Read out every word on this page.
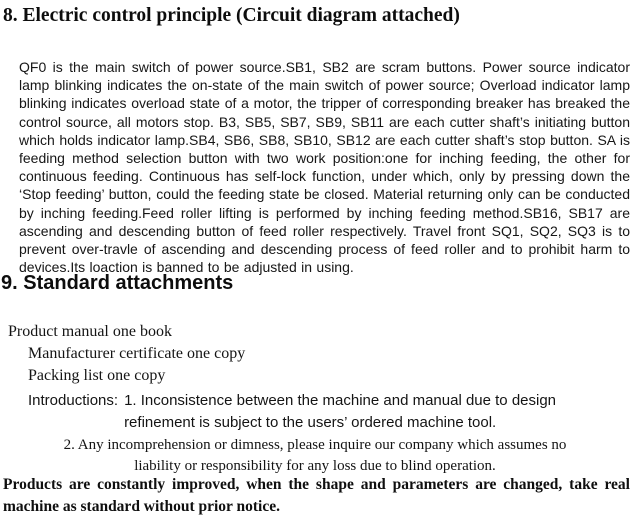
8. Electric control principle (Circuit diagram attached)

QF0 is the main switch of power source.SB1, SB2 are scram buttons. Power source indicator lamp blinking indicates the on-state of the main switch of power source; Overload indicator lamp blinking indicates overload state of a motor, the tripper of corresponding breaker has breaked the control source, all motors stop. B3, SB5, SB7, SB9, SB11 are each cutter shaft’s initiating button which holds indicator lamp.SB4, SB6, SB8, SB10, SB12 are each cutter shaft’s stop button. SA is feeding method selection button with two work position:one for inching feeding, the other for continuous feeding. Continuous has self-lock function, under which, only by pressing down the ‘Stop feeding’ button, could the feeding state be closed. Material returning only can be conducted by inching feeding.Feed roller lifting is performed by inching feeding method.SB16, SB17 are ascending and descending button of feed roller respectively. Travel front SQ1, SQ2, SQ3 is to prevent over-travle of ascending and descending process of feed roller and to prohibit harm to devices.Its loaction is banned to be adjusted in using.

9. Standard attachments
Product manual one book
Manufacturer certificate one copy
Packing list one copy
Introductions: 1. Inconsistence between the machine and manual due to design
refinement is subject to the users’ ordered machine tool.
2. Any incomprehension or dimness, please inquire our company which assumes no
liability or responsibility for any loss due to blind operation.
Products are constantly improved, when the shape and parameters are changed, take real
machine as standard without prior notice.
